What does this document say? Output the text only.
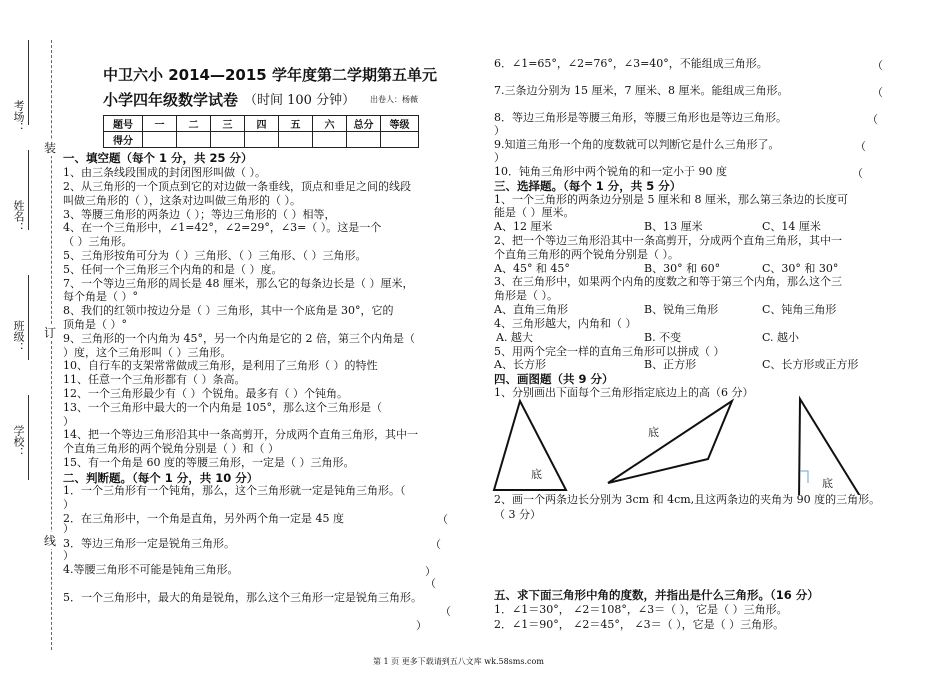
考场：
姓名：
班级：
学校：
装
订
线
中卫六小 2014—2015 学年度第二学期第五单元
小学四年级数学试卷 （时间 100 分钟） 出卷人：杨薇
题号	一	二	三	四	五	六	总分	等级
得分								
一、填空题（每个 1 分，共 25 分）
1、由三条线段围成的封闭图形叫做（ ）。
2、从三角形的一个顶点到它的对边做一条垂线，顶点和垂足之间的线段
叫做三角形的（ ），这条对边叫做三角形的（ ）。
3、等腰三角形的两条边（ ）；等边三角形的（ ）相等，
4、在一个三角形中，∠1=42°，∠2=29°，∠3=（ ）。这是一个
（ ）三角形。
5、三角形按角可分为（ ）三角形、（ ）三角形、（ ）三角形。
5、任何一个三角形三个内角的和是（ ）度。
7、一个等边三角形的周长是 48 厘米，那么它的每条边长是（ ）厘米，
每个角是（ ）°
8、我们的红领巾按边分是（ ）三角形，其中一个底角是 30°，它的
顶角是（ ）°
9、三角形的一个内角为 45°，另一个内角是它的 2 倍，第三个内角是（
）度，这个三角形叫（ ）三角形。
10、自行车的支架常常做成三角形，是利用了三角形（ ）的特性
11、任意一个三角形都有（ ）条高。
12、一个三角形最少有（ ）个锐角。最多有（ ）个钝角。
13、一个三角形中最大的一个内角是 105°，那么这个三角形是（
）
14、把一个等边三角形沿其中一条高剪开，分成两个直角三角形，其中一
个直角三角形的两个锐角分别是（ ）和（ ）
15、有一个角是 60 度的等腰三角形，一定是（ ）三角形。
二、判断题。（每个 1 分，共 10 分）
1．一个三角形有一个钝角，那么，这个三角形就一定是钝角三角形。（
）
2．在三角形中，一个角是直角，另外两个角一定是 45 度	（
）
3．等边三角形一定是锐角三角形。	（
）
4.等腰三角形不可能是钝角三角形。	）
（
5．一个三角形中，最大的角是锐角，那么这个三角形一定是锐角三角形。
（
）
6．∠1=65°，∠2=76°，∠3=40°，不能组成三角形。	（
7.三条边分别为 15 厘米，7 厘米、8 厘米。能组成三角形。	（
8．等边三角形是等腰三角形，等腰三角形也是等边三角形。	（
）
9.知道三角形一个角的度数就可以判断它是什么三角形了。	（
）
10．钝角三角形中两个锐角的和一定小于 90 度	（
三、选择题。（每个 1 分，共 5 分）
1、一个三角形的两条边分别是 5 厘米和 8 厘米，那么第三条边的长度可
能是（ ）厘米。
A、12 厘米	B、13 厘米	C、14 厘米
2、把一个等边三角形沿其中一条高剪开，分成两个直角三角形，其中一
个直角三角形的两个锐角分别是（ ）。
A、45° 和 45°	B、30° 和 60°	C、30° 和 30°
3、在三角形中，如果两个内角的度数之和等于第三个内角，那么这个三
角形是（ ）。
A、直角三角形	B、锐角三角形	C、钝角三角形
4、三角形越大，内角和（ ）
A. 越大	B. 不变	C. 越小
5、用两个完全一样的直角三角形可以拼成（ ）
A、长方形	B、正方形	C、长方形或正方形
四、画图题（共 9 分）
1、分别画出下面每个三角形指定底边上的高（6 分）
底
底
底
2、画一个两条边长分别为 3cm 和 4cm,且这两条边的夹角为 90 度的三角形。
（ 3 分）
五、求下面三角形中角的度数，并指出是什么三角形。（16 分）
1．∠1＝30°， ∠2＝108°，∠3＝（ ），它是（ ）三角形。
2．∠1＝90°， ∠2＝45°， ∠3＝（ ），它是（ ）三角形。
第 1 页 更多下载请到五八文库 wk.58sms.com
